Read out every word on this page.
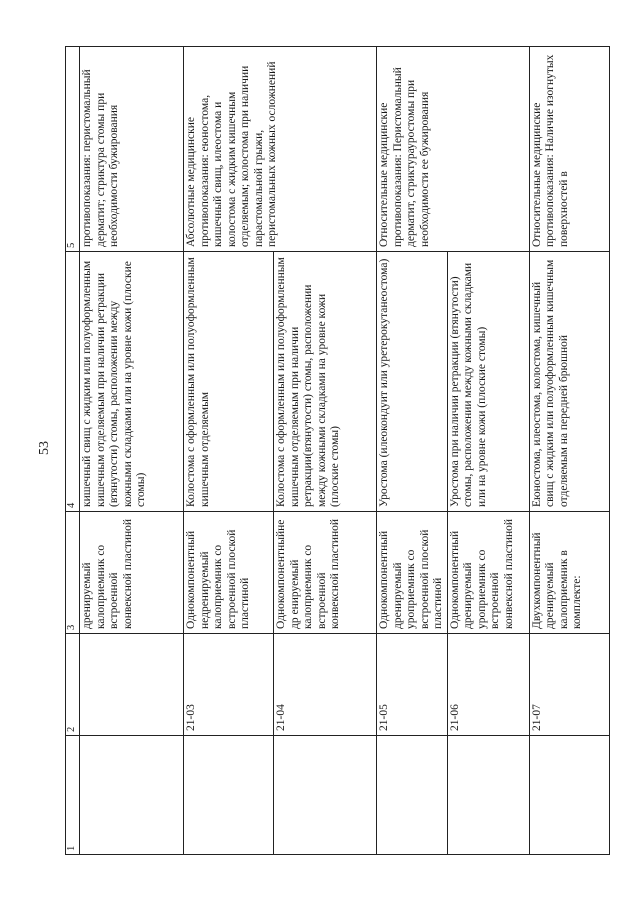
53
1	2	3	4	5
		дренируемый калоприемник со встроенной конвексной пластиной	кишечный свищ с жидким или полуоформленным кишечным отделяемым при наличии ретракции (втянутости) стомы, расположении между кожными складками или на уровне кожи (плоские стомы)	противопоказания: перистомальный дерматит; стриктура стомы при необходимости бужирования
	21-03	Однокомпонентный недренируемый калоприемник со встроенной плоской пластиной	Колостома с оформленным или полуоформленным кишечным отделяемым	Абсолютные медицинские противопоказания: еюностома, кишечный свищ, илеостома и колостома с жидким кишечным отделяемым; колостома при наличии параcтомальной грыжи, перистомальных кожных осложнений
	21-04	Однокомпонентныйнедр енируемый калоприемник со встроенной конвексной пластиной	Колостома с оформленным или полуоформленным кишечным отделяемым при наличии ретракции(втянутости) стомы, расположении между кожными складками на уровне кожи (плоские стомы)	
	21-05	Однокомпонентный дренируемый уроприемник со встроенной плоской пластиной	Уростома (илеокондуит или уретерокутанеостома)	Относительные медицинские противопоказания: Перистомальный дерматит, стриктурауростомы при необходимости ее бужирования
	21-06	Однокомпонентный дренируемый уроприемник со встроенной конвексной пластиной	Уростома при наличии ретракции (втянутости) стомы, расположении между кожными складками или на уровне кожи (плоские стомы)	
	21-07	Двухкомпонентный дренируемый калоприемник в комплекте:	Еюностома, илеостома, колостома, кишечный свищ с жидким или полуоформленным кишечным отделяемым на передней брюшной	Относительные медицинские противопоказания: Наличие изогнутых поверхностей в
